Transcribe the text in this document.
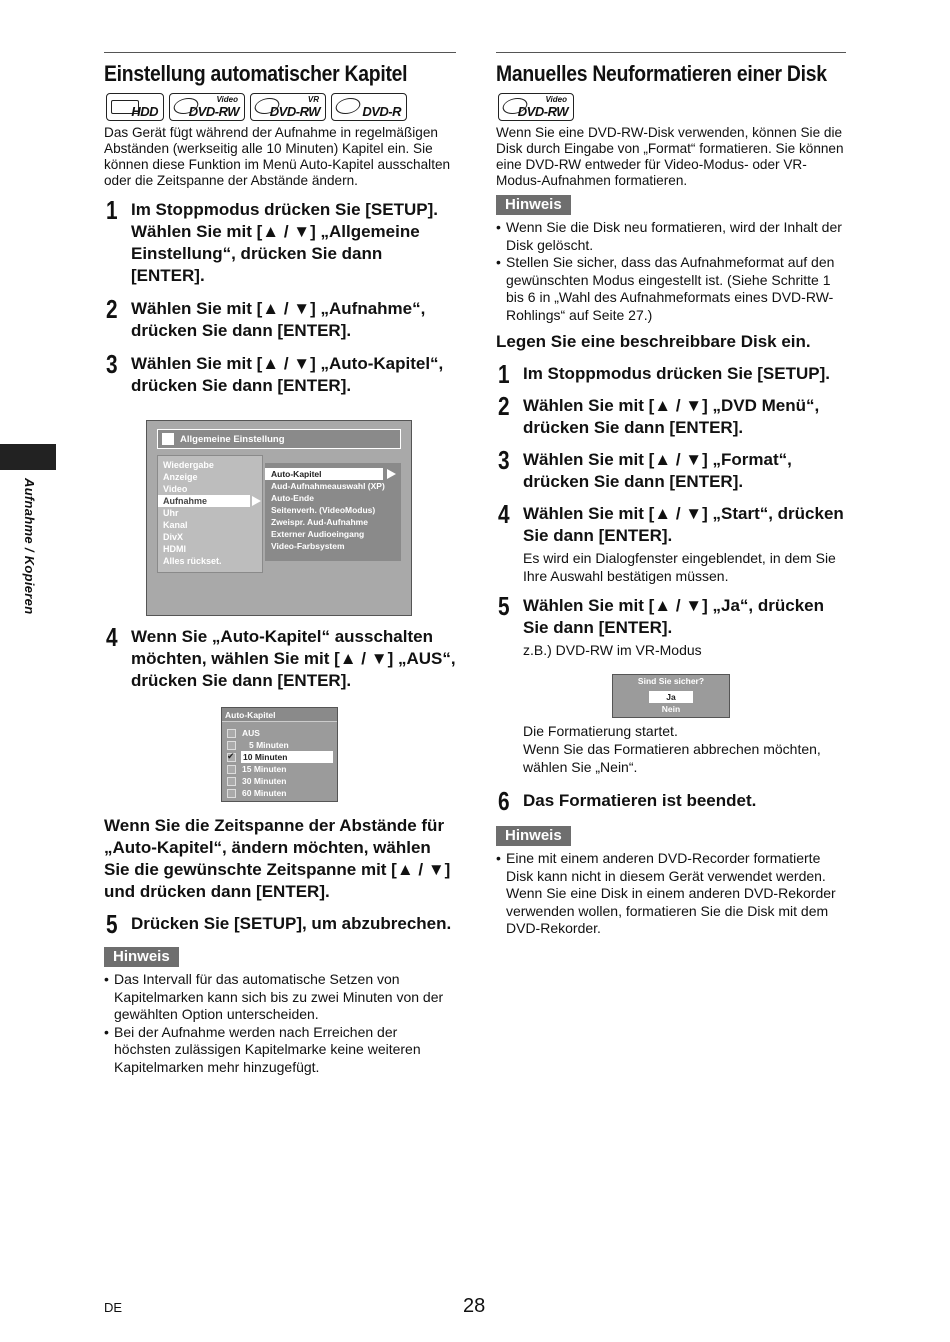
Aufnahme / Kopieren
Einstellung automatischer Kapitel
HDD
Video
DVD-RW
VR
DVD-RW	DVD-R

Das Gerät fügt während der Aufnahme in regelmäßigen Abständen (werkseitig alle 10 Minuten) Kapitel ein. Sie können diese Funktion im Menü Auto-Kapitel ausschalten oder die Zeitspanne der Abstände ändern.

1 Im Stoppmodus drücken Sie [SETUP]. Wählen Sie mit [▲ / ▼] „Allgemeine Einstellung“, drücken Sie dann [ENTER].
2 Wählen Sie mit [▲ / ▼] „Aufnahme“, drücken Sie dann [ENTER].
3 Wählen Sie mit [▲ / ▼] „Auto-Kapitel“, drücken Sie dann [ENTER].
Allgemeine Einstellung
Wiedergabe
Anzeige
Video
Aufnahme
Uhr
Kanal
DivX
HDMI
Alles rückset.
Auto-Kapitel
Aud-Aufnahmeauswahl (XP)
Auto-Ende
Seitenverh. (VideoModus)
Zweispr. Aud-Aufnahme
Externer Audioeingang
Video-Farbsystem
4 Wenn Sie „Auto-Kapitel“ ausschalten möchten, wählen Sie mit [▲ / ▼] „AUS“, drücken Sie dann [ENTER].
Auto-Kapitel
AUS
5 Minuten
✔
10 Minuten
15 Minuten
30 Minuten
60 Minuten

Wenn Sie die Zeitspanne der Abstände für „Auto-Kapitel“, ändern möchten, wählen Sie die gewünschte Zeitspanne mit [▲ / ▼] und drücken dann [ENTER].

5 Drücken Sie [SETUP], um abzubrechen.
Hinweis
• Das Intervall für das automatische Setzen von Kapitelmarken kann sich bis zu zwei Minuten von der gewählten Option unterscheiden.
• Bei der Aufnahme werden nach Erreichen der höchsten zulässigen Kapitelmarke keine weiteren Kapitelmarken mehr hinzugefügt.
Manuelles Neuformatieren einer Disk
Video
DVD-RW

Wenn Sie eine DVD-RW-Disk verwenden, können Sie die Disk durch Eingabe von „Format“ formatieren. Sie können eine DVD-RW entweder für Video-Modus- oder VR-Modus-Aufnahmen formatieren.

Hinweis
• Wenn Sie die Disk neu formatieren, wird der Inhalt der Disk gelöscht.
• Stellen Sie sicher, dass das Aufnahmeformat auf den gewünschten Modus eingestellt ist. (Siehe Schritte 1 bis 6 in „Wahl des Aufnahmeformats eines DVD-RW-Rohlings“ auf Seite 27.)

Legen Sie eine beschreibbare Disk ein.

1 Im Stoppmodus drücken Sie [SETUP].
2 Wählen Sie mit [▲ / ▼] „DVD Menü“, drücken Sie dann [ENTER].
3 Wählen Sie mit [▲ / ▼] „Format“, drücken Sie dann [ENTER].
4 Wählen Sie mit [▲ / ▼] „Start“, drücken Sie dann [ENTER].
Es wird ein Dialogfenster eingeblendet, in dem Sie Ihre Auswahl bestätigen müssen.
5 Wählen Sie mit [▲ / ▼] „Ja“, drücken Sie dann [ENTER].
z.B.) DVD-RW im VR-Modus
Sind Sie sicher?
Ja
Nein
Die Formatierung startet.
Wenn Sie das Formatieren abbrechen möchten, wählen Sie „Nein“.
6 Das Formatieren ist beendet.
Hinweis
• Eine mit einem anderen DVD-Recorder formatierte Disk kann nicht in diesem Gerät verwendet werden. Wenn Sie eine Disk in einem anderen DVD-Rekorder verwenden wollen, formatieren Sie die Disk mit dem DVD-Rekorder.
DE	28
